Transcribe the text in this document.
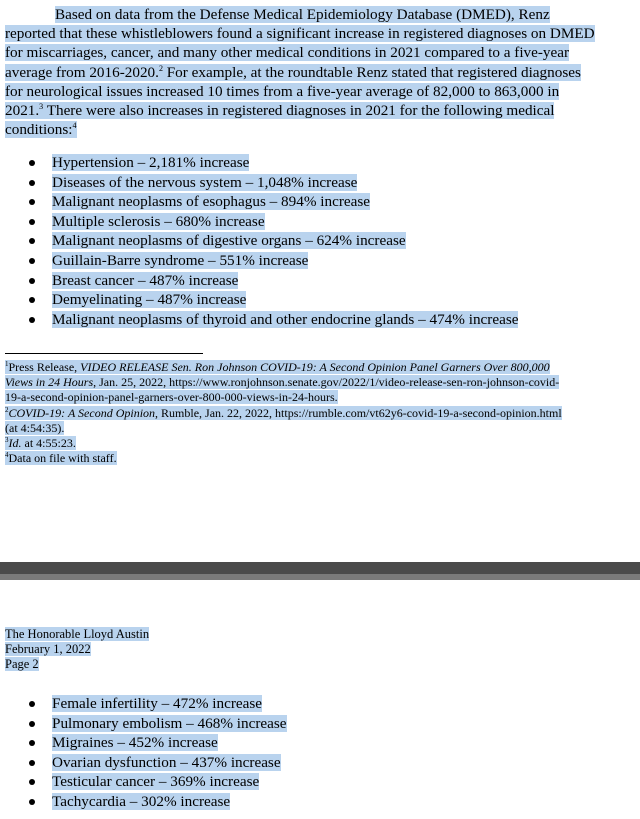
Based on data from the Defense Medical Epidemiology Database (DMED), Renz
reported that these whistleblowers found a significant increase in registered diagnoses on DMED
for miscarriages, cancer, and many other medical conditions in 2021 compared to a five-year
average from 2016-2020.$^2$ For example, at the roundtable Renz stated that registered diagnoses
for neurological issues increased 10 times from a five-year average of 82,000 to 863,000 in
2021.$^3$ There were also increases in registered diagnoses in 2021 for the following medical
conditions:$^4$
Hypertension – 2,181% increase
Diseases of the nervous system – 1,048% increase
Malignant neoplasms of esophagus – 894% increase
Multiple sclerosis – 680% increase
Malignant neoplasms of digestive organs – 624% increase
Guillain-Barre syndrome – 551% increase
Breast cancer – 487% increase
Demyelinating – 487% increase
Malignant neoplasms of thyroid and other endocrine glands – 474% increase
$^1$Press Release, VIDEO RELEASE Sen. Ron Johnson COVID-19: A Second Opinion Panel Garners Over 800,000
Views in 24 Hours, Jan. 25, 2022, https://www.ronjohnson.senate.gov/2022/1/video-release-sen-ron-johnson-covid-
19-a-second-opinion-panel-garners-over-800-000-views-in-24-hours.
$^2$COVID-19: A Second Opinion, Rumble, Jan. 22, 2022, https://rumble.com/vt62y6-covid-19-a-second-opinion.html
(at 4:54:35).
$^3$Id. at 4:55:23.
$^4$Data on file with staff.
The Honorable Lloyd Austin
February 1, 2022
Page 2
Female infertility – 472% increase
Pulmonary embolism – 468% increase
Migraines – 452% increase
Ovarian dysfunction – 437% increase
Testicular cancer – 369% increase
Tachycardia – 302% increase
